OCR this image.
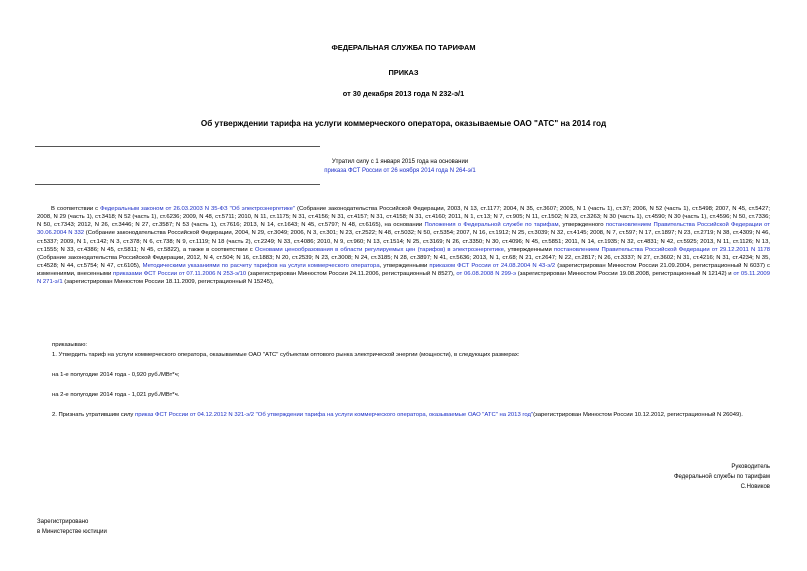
ФЕДЕРАЛЬНАЯ СЛУЖБА ПО ТАРИФАМ
ПРИКАЗ
от 30 декабря 2013 года N 232-э/1
Об утверждении тарифа на услуги коммерческого оператора, оказываемые ОАО "АТС" на 2014 год
Утратил силу с 1 января 2015 года на основании
приказа ФСТ России от 26 ноября 2014 года N 264-э/1

В соответствии с Федеральным законом от 26.03.2003 N 35-ФЗ "Об электроэнергетике" (Собрание законодательства Российской Федерации, 2003, N 13, ст.1177; 2004, N 35, ст.3607; 2005, N 1 (часть 1), ст.37; 2006, N 52 (часть 1), ст.5498; 2007, N 45, ст.5427; 2008, N 29 (часть 1), ст.3418; N 52 (часть 1), ст.6236; 2009, N 48, ст.5711; 2010, N 11, ст.1175; N 31, ст.4156; N 31, ст.4157; N 31, ст.4158; N 31, ст.4160; 2011, N 1, ст.13; N 7, ст.905; N 11, ст.1502; N 23, ст.3263; N 30 (часть 1), ст.4590; N 30 (часть 1), ст.4596; N 50, ст.7336; N 50, ст.7343; 2012, N 26, ст.3446; N 27, ст.3587; N 53 (часть 1), ст.7616; 2013, N 14, ст.1643; N 45, ст.5797; N 48, ст.6165), на основании Положения о Федеральной службе по тарифам, утвержденного постановлением Правительства Российской Федерации от 30.06.2004 N 332 (Собрание законодательства Российской Федерации, 2004, N 29, ст.3049; 2006, N 3, ст.301; N 23, ст.2522; N 48, ст.5032; N 50, ст.5354; 2007, N 16, ст.1912; N 25, ст.3039; N 32, ст.4145; 2008, N 7, ст.597; N 17, ст.1897; N 23, ст.2719; N 38, ст.4309; N 46, ст.5337; 2009, N 1, ст.142; N 3, ст.378; N 6, ст.738; N 9, ст.1119; N 18 (часть 2), ст.2249; N 33, ст.4086; 2010, N 9, ст.960; N 13, ст.1514; N 25, ст.3169; N 26, ст.3350; N 30, ст.4096; N 45, ст.5851; 2011, N 14, ст.1935; N 32, ст.4831; N 42, ст.5925; 2013, N 11, ст.1126; N 13, ст.1555; N 33, ст.4386; N 45, ст.5811; N 45, ст.5822), а также в соответствии с Основами ценообразования в области регулируемых цен (тарифов) в электроэнергетике, утвержденными постановлением Правительства Российской Федерации от 29.12.2011 N 1178 (Собрание законодательства Российской Федерации, 2012, N 4, ст.504; N 16, ст.1883; N 20, ст.2539; N 23, ст.3008; N 24, ст.3185; N 28, ст.3897; N 41, ст.5636; 2013, N 1, ст.68; N 21, ст.2647; N 22, ст.2817; N 26, ст.3337; N 27, ст.3602; N 31, ст.4216; N 31, ст.4234; N 35, ст.4528; N 44, ст.5754; N 47, ст.6105), Методическими указаниями по расчету тарифов на услуги коммерческого оператора, утвержденными приказом ФСТ России от 24.08.2004 N 43-э/2 (зарегистрирован Минюстом России 21.09.2004, регистрационный N 6037) с изменениями, внесенными приказами ФСТ России от 07.11.2006 N 253-э/10 (зарегистрирован Минюстом России 24.11.2006, регистрационный N 8527), от 06.08.2008 N 299-э (зарегистрирован Минюстом России 19.08.2008, регистрационный N 12142) и от 05.11.2009 N 271-э/1 (зарегистрирован Минюстом России 18.11.2009, регистрационный N 15245),

приказываю:
1. Утвердить тариф на услуги коммерческого оператора, оказываемые ОАО "АТС" субъектам оптового рынка электрической энергии (мощности), в следующих размерах:
на 1-е полугодие 2014 года - 0,920 руб./МВт*ч;
на 2-е полугодие 2014 года - 1,021 руб./МВт*ч.
2. Признать утратившим силу приказ ФСТ России от 04.12.2012 N 321-э/2 "Об утверждении тарифа на услуги коммерческого оператора, оказываемые ОАО "АТС" на 2013 год"(зарегистрирован Минюстом России 10.12.2012, регистрационный N 26049).
Руководитель
Федеральной службы по тарифам
С.Новиков
Зарегистрировано
в Министерстве юстиции
